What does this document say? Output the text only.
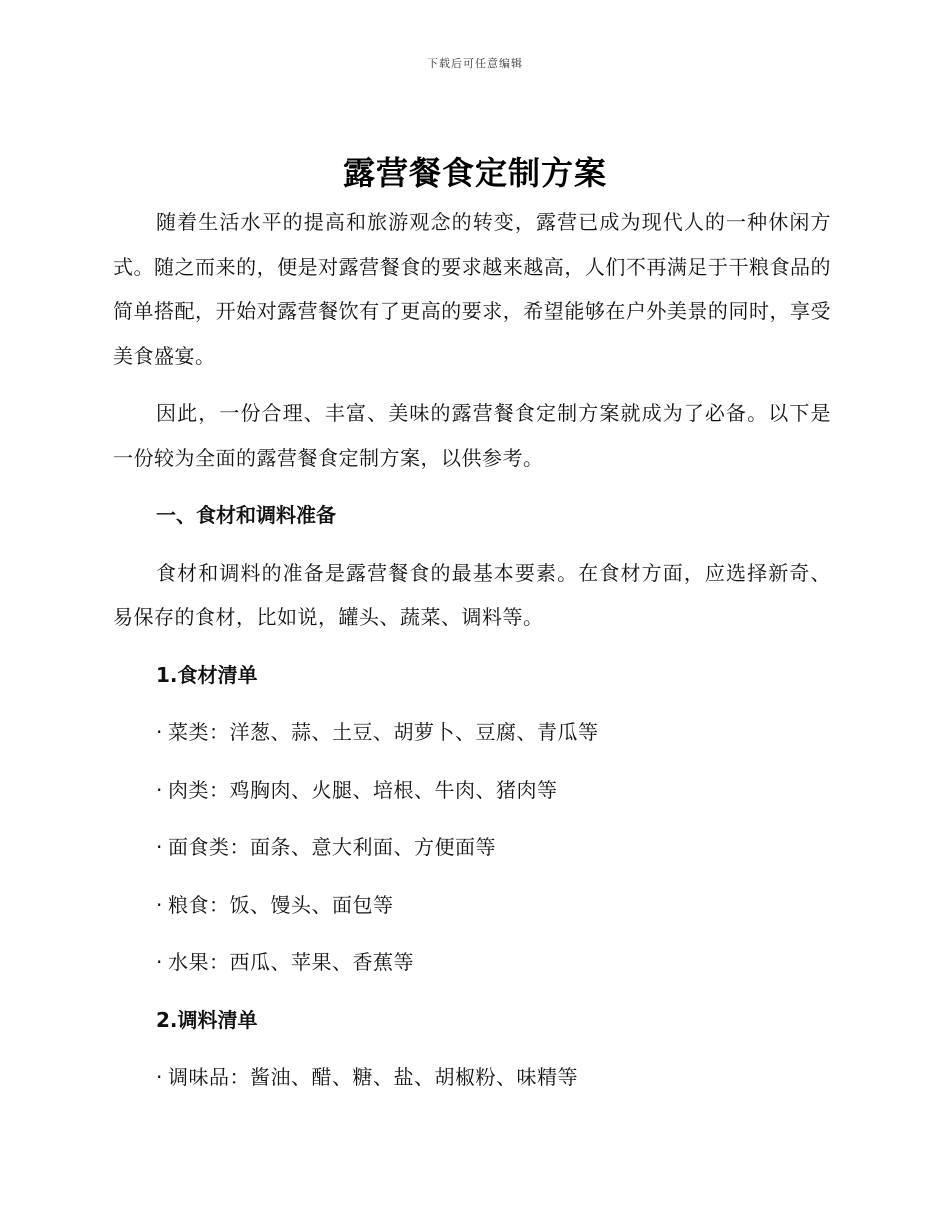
下载后可任意编辑
露营餐食定制方案

随着生活水平的提高和旅游观念的转变，露营已成为现代人的一种休闲方式。随之而来的，便是对露营餐食的要求越来越高，人们不再满足于干粮食品的简单搭配，开始对露营餐饮有了更高的要求，希望能够在户外美景的同时，享受美食盛宴。

因此，一份合理、丰富、美味的露营餐食定制方案就成为了必备。以下是一份较为全面的露营餐食定制方案，以供参考。

一、食材和调料准备

食材和调料的准备是露营餐食的最基本要素。在食材方面，应选择新奇、易保存的食材，比如说，罐头、蔬菜、调料等。

1.食材清单
· 菜类：洋葱、蒜、土豆、胡萝卜、豆腐、青瓜等
· 肉类：鸡胸肉、火腿、培根、牛肉、猪肉等
· 面食类：面条、意大利面、方便面等
· 粮食：饭、馒头、面包等
· 水果：西瓜、苹果、香蕉等
2.调料清单
· 调味品：酱油、醋、糖、盐、胡椒粉、味精等
